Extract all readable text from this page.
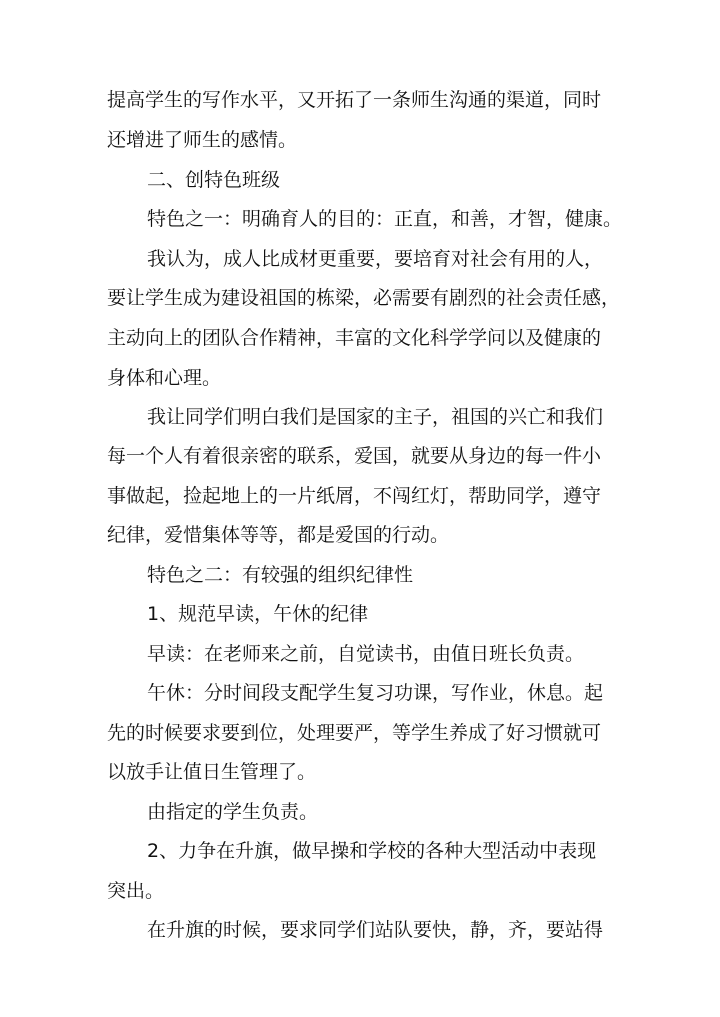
提高学生的写作水平，又开拓了一条师生沟通的渠道，同时
还增进了师生的感情。
二、创特色班级
特色之一：明确育人的目的：正直，和善，才智，健康。
我认为，成人比成材更重要，要培育对社会有用的人，
要让学生成为建设祖国的栋梁，必需要有剧烈的社会责任感，
主动向上的团队合作精神，丰富的文化科学学问以及健康的
身体和心理。
我让同学们明白我们是国家的主子，祖国的兴亡和我们
每一个人有着很亲密的联系，爱国，就要从身边的每一件小
事做起，捡起地上的一片纸屑，不闯红灯，帮助同学，遵守
纪律，爱惜集体等等，都是爱国的行动。
特色之二：有较强的组织纪律性
1、规范早读，午休的纪律
早读：在老师来之前，自觉读书，由值日班长负责。
午休：分时间段支配学生复习功课，写作业，休息。起
先的时候要求要到位，处理要严，等学生养成了好习惯就可
以放手让值日生管理了。
由指定的学生负责。
2、力争在升旗，做早操和学校的各种大型活动中表现
突出。
在升旗的时候，要求同学们站队要快，静，齐，要站得
